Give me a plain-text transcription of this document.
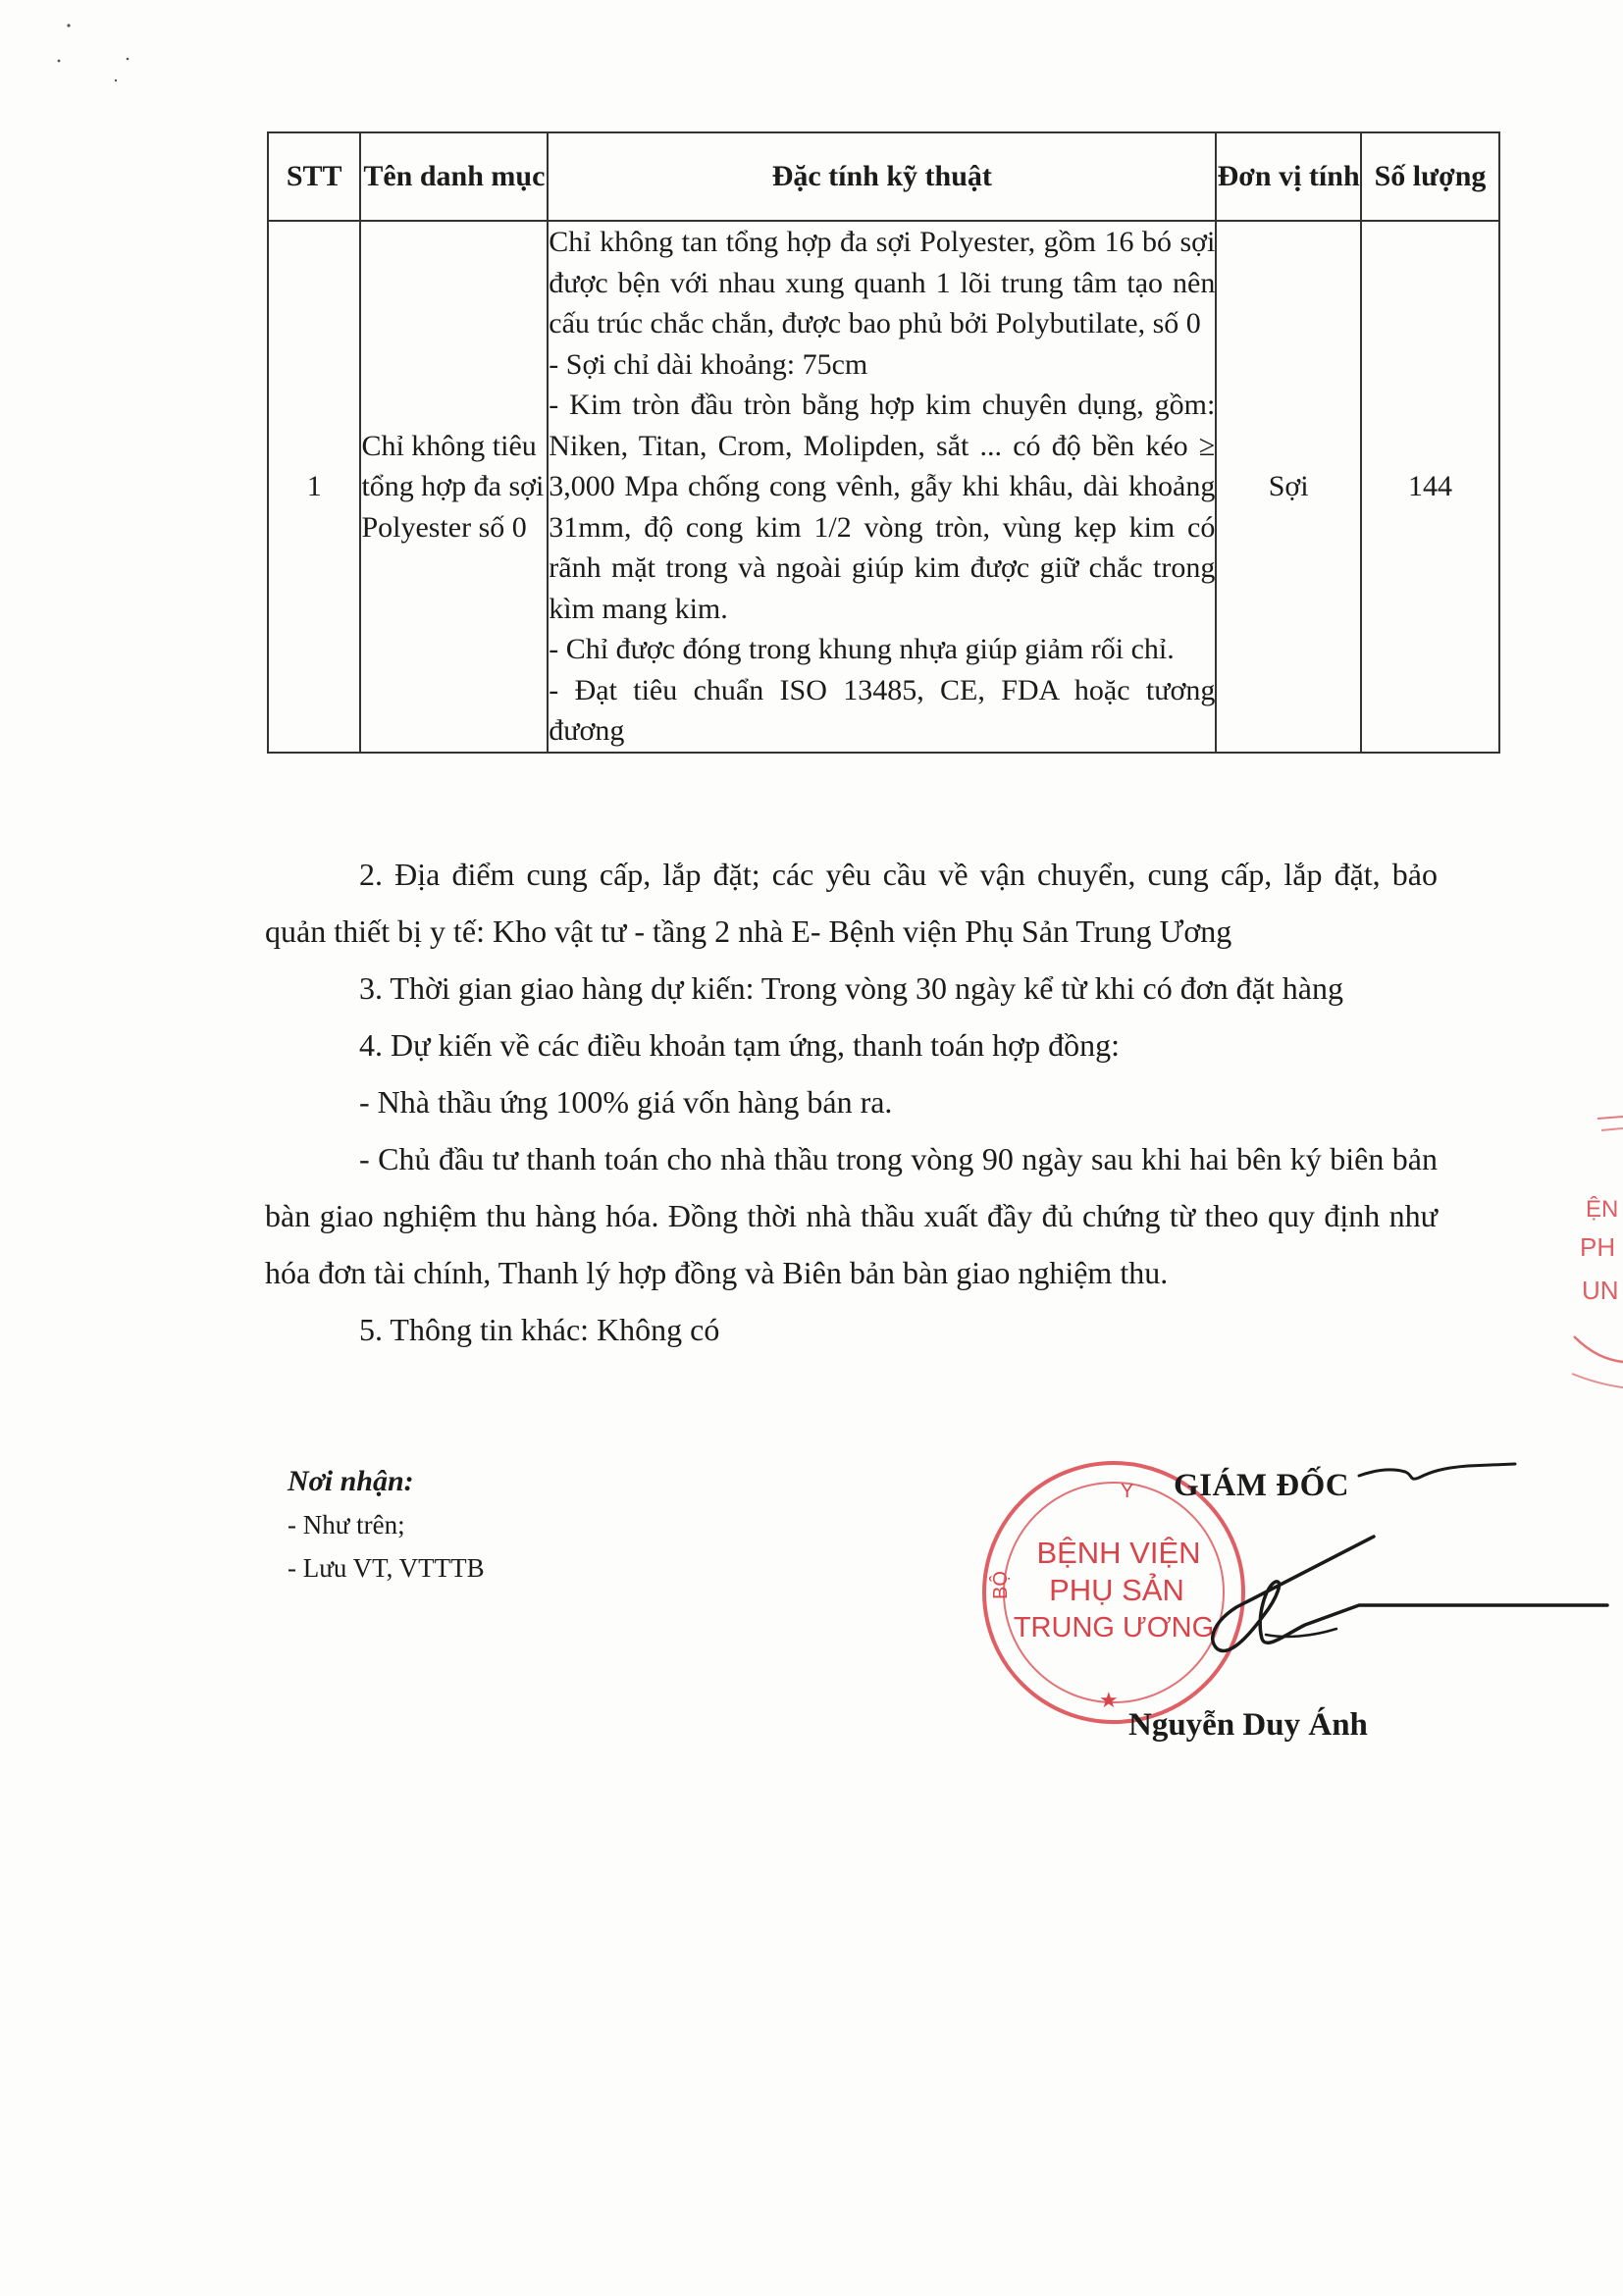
STT	Tên danh mục	Đặc tính kỹ thuật	Đơn vị tính	Số lượng
1	Chỉ không tiêu tổng hợp đa sợi Polyester số 0	Chỉ không tan tổng hợp đa sợi Polyester, gồm 16 bó sợi được bện với nhau xung quanh 1 lõi trung tâm tạo nên cấu trúc chắc chắn, được bao phủ bởi Polybutilate, số 0
- Sợi chỉ dài khoảng: 75cm
- Kim tròn đầu tròn bằng hợp kim chuyên dụng, gồm: Niken, Titan, Crom, Molipden, sắt ... có độ bền kéo ≥ 3,000 Mpa chống cong vênh, gẫy khi khâu, dài khoảng 31mm, độ cong kim 1/2 vòng tròn, vùng kẹp kim có rãnh mặt trong và ngoài giúp kim được giữ chắc trong kìm mang kim.
- Chỉ được đóng trong khung nhựa giúp giảm rối chỉ.
- Đạt tiêu chuẩn ISO 13485, CE, FDA hoặc tương đương	Sợi	144
2. Địa điểm cung cấp, lắp đặt; các yêu cầu về vận chuyển, cung cấp, lắp đặt, bảo quản thiết bị y tế: Kho vật tư - tầng 2 nhà E- Bệnh viện Phụ Sản Trung Ương
3. Thời gian giao hàng dự kiến: Trong vòng 30 ngày kể từ khi có đơn đặt hàng
4. Dự kiến về các điều khoản tạm ứng, thanh toán hợp đồng:
- Nhà thầu ứng 100% giá vốn hàng bán ra.
- Chủ đầu tư thanh toán cho nhà thầu trong vòng 90 ngày sau khi hai bên ký biên bản bàn giao nghiệm thu hàng hóa. Đồng thời nhà thầu xuất đầy đủ chứng từ theo quy định như hóa đơn tài chính, Thanh lý hợp đồng và Biên bản bàn giao nghiệm thu.
5. Thông tin khác: Không có
Nơi nhận:
- Như trên;
- Lưu VT, VTTTB
Y
BỘ
BỆNH VIỆN
PHỤ SẢN
TRUNG ƯƠNG
★
GIÁM ĐỐC
Nguyễn Duy Ánh
ỆN
PH
UN
